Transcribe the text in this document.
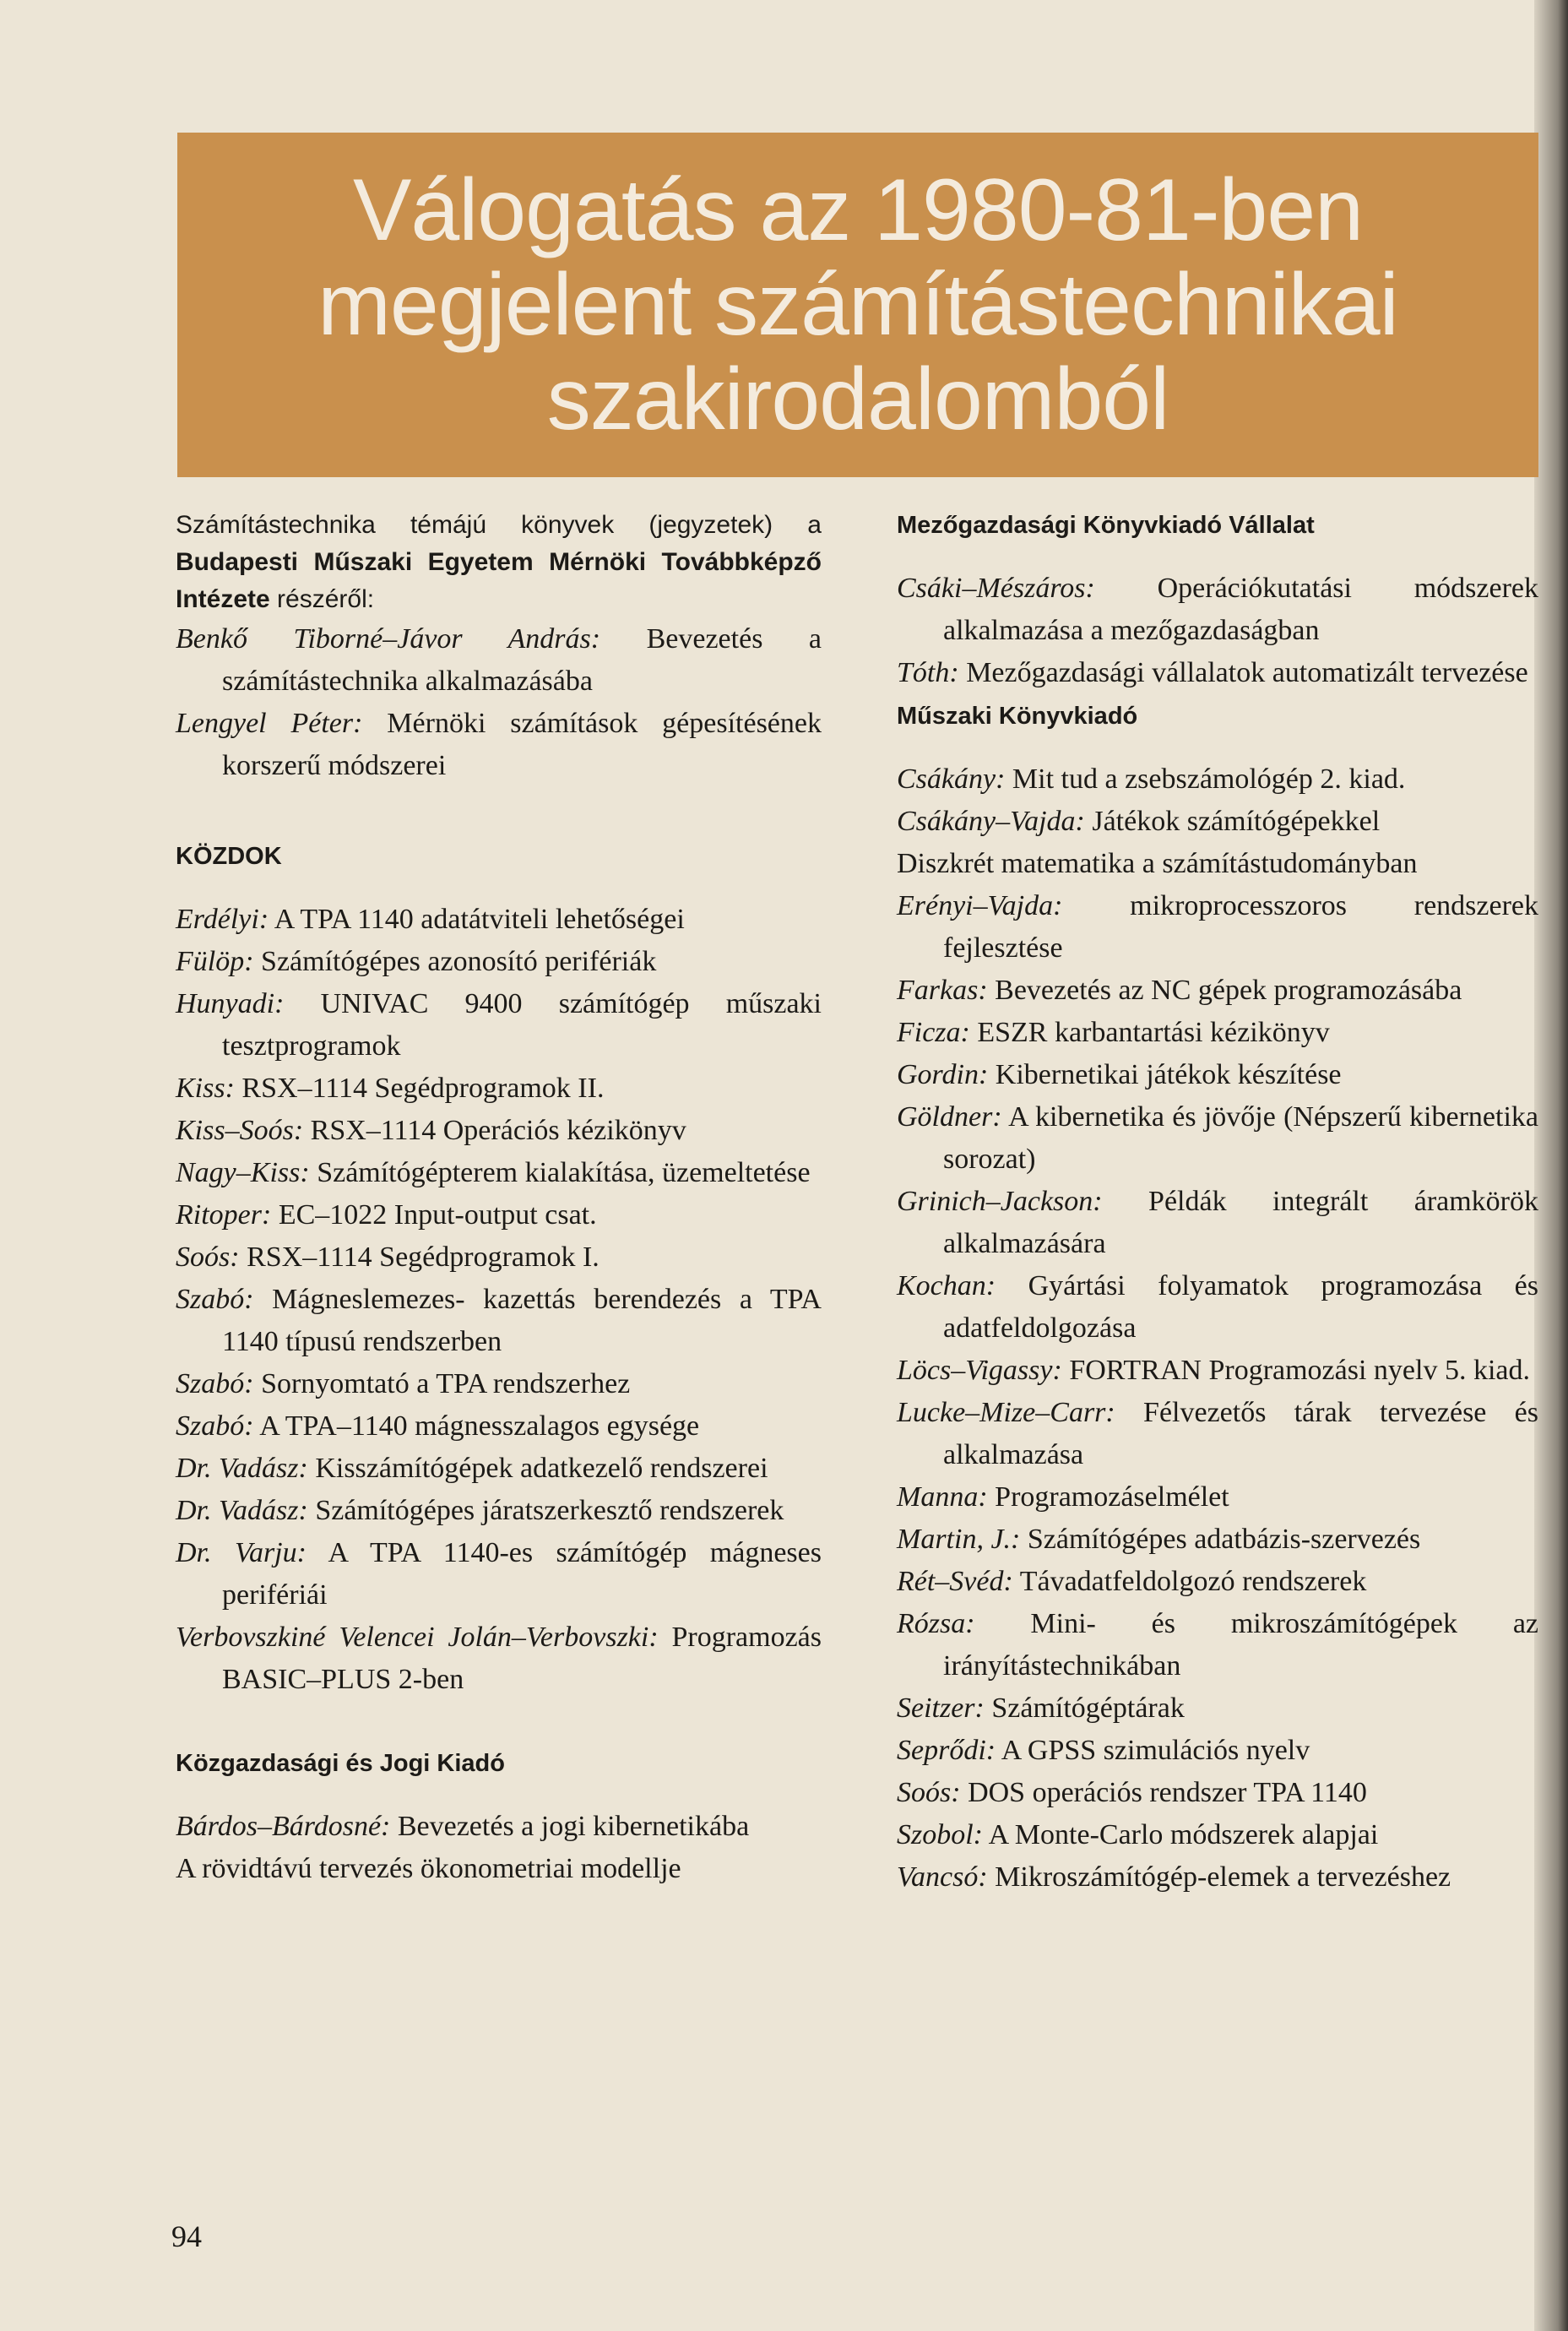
Válogatás az 1980-81-ben megjelent számítástechnikai szakirodalomból

Számítástechnika témájú könyvek (jegyzetek) a Budapesti Műszaki Egyetem Mérnöki Továbbképző Intézete részéről:

Benkő Tiborné–Jávor András: Bevezetés a számítástechnika alkalmazásába

Lengyel Péter: Mérnöki számítások gépesítésének korszerű módszerei

KÖZDOK

Erdélyi: A TPA 1140 adatátviteli lehetőségei

Fülöp: Számítógépes azonosító perifériák

Hunyadi: UNIVAC 9400 számítógép műszaki tesztprogramok

Kiss: RSX–1114 Segédprogramok II.

Kiss–Soós: RSX–1114 Operációs kézikönyv

Nagy–Kiss: Számítógépterem kialakítása, üzemeltetése

Ritoper: EC–1022 Input-output csat.

Soós: RSX–1114 Segédprogramok I.

Szabó: Mágneslemezes- kazettás berendezés a TPA 1140 típusú rendszerben

Szabó: Sornyomtató a TPA rendszerhez

Szabó: A TPA–1140 mágnesszalagos egysége

Dr. Vadász: Kisszámítógépek adatkezelő rendszerei

Dr. Vadász: Számítógépes járatszerkesztő rendszerek

Dr. Varju: A TPA 1140-es számítógép mágneses perifériái

Verbovszkiné Velencei Jolán–Verbovszki: Programozás BASIC–PLUS 2-ben

Közgazdasági és Jogi Kiadó

Bárdos–Bárdosné: Bevezetés a jogi kibernetikába

A rövidtávú tervezés ökonometriai modellje

Mezőgazdasági Könyvkiadó Vállalat

Csáki–Mészáros: Operációkutatási módszerek alkalmazása a mezőgazdaságban

Tóth: Mezőgazdasági vállalatok automatizált tervezése

Műszaki Könyvkiadó

Csákány: Mit tud a zsebszámológép 2. kiad.

Csákány–Vajda: Játékok számítógépekkel

Diszkrét matematika a számítástudományban

Erényi–Vajda: mikroprocesszoros rendszerek fejlesztése

Farkas: Bevezetés az NC gépek programozásába

Ficza: ESZR karbantartási kézikönyv

Gordin: Kibernetikai játékok készítése

Göldner: A kibernetika és jövője (Népszerű kibernetika sorozat)

Grinich–Jackson: Példák integrált áramkörök alkalmazására

Kochan: Gyártási folyamatok programozása és adatfeldolgozása

Löcs–Vigassy: FORTRAN Programozási nyelv 5. kiad.

Lucke–Mize–Carr: Félvezetős tárak tervezése és alkalmazása

Manna: Programozáselmélet

Martin, J.: Számítógépes adatbázis-szervezés

Rét–Svéd: Távadatfeldolgozó rendszerek

Rózsa: Mini- és mikroszámítógépek az irányítástechnikában

Seitzer: Számítógéptárak

Seprődi: A GPSS szimulációs nyelv

Soós: DOS operációs rendszer TPA 1140

Szobol: A Monte-Carlo módszerek alapjai

Vancsó: Mikroszámítógép-elemek a tervezéshez

94
